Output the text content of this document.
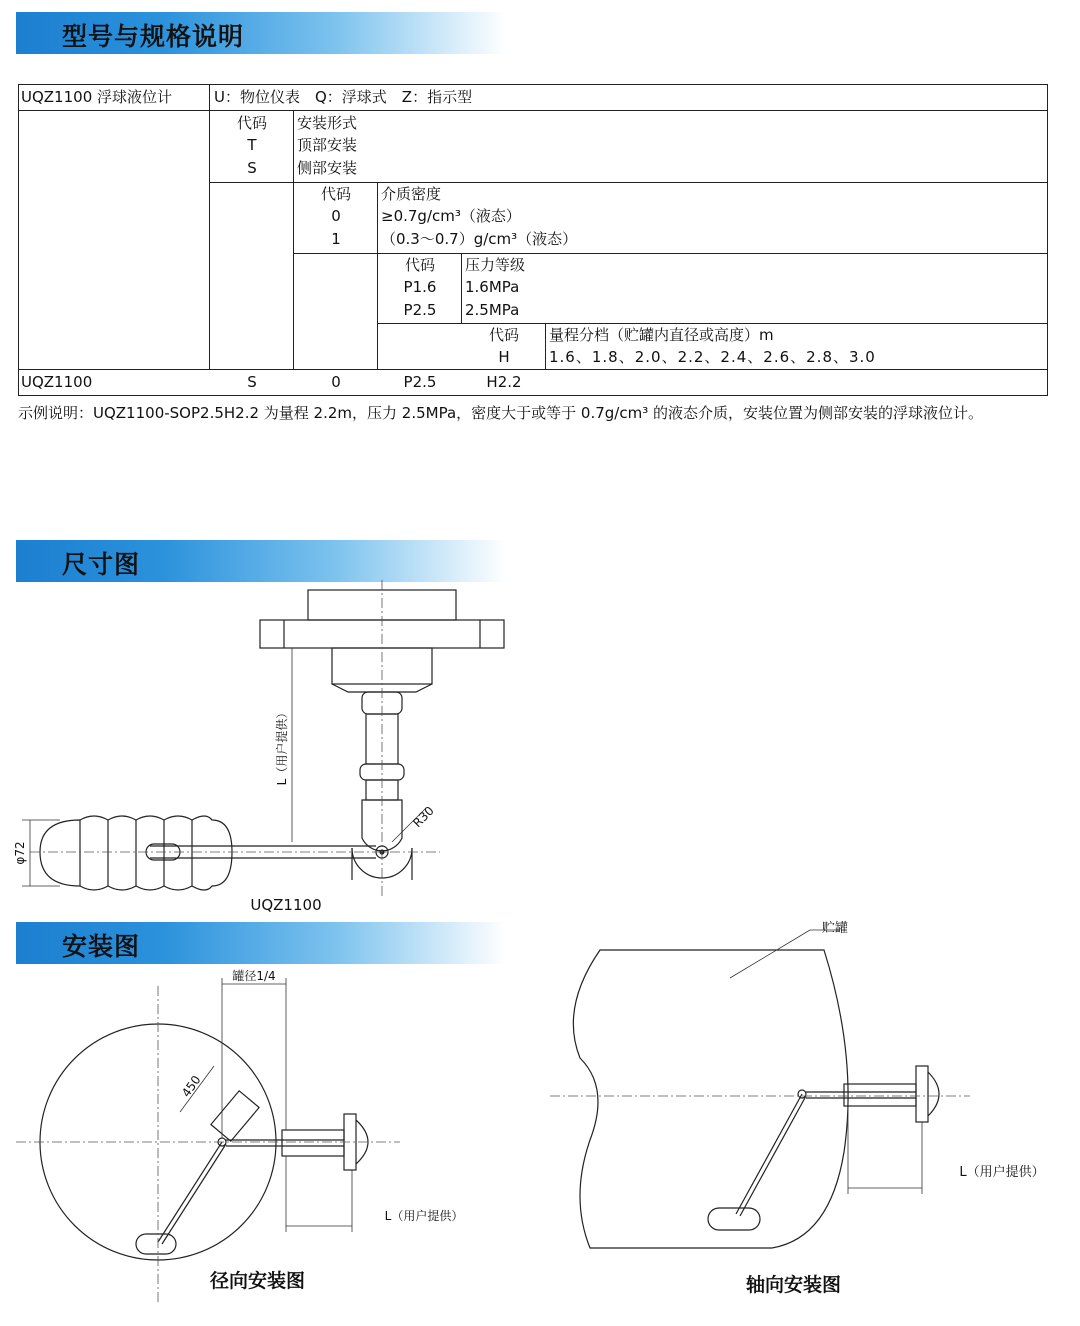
型号与规格说明
尺寸图
安装图
UQZ1100 浮球液位计	U：物位仪表　Q：浮球式　Z：指示型
代码	安装形式
T	顶部安装
S	侧部安装
代码	介质密度
0	≥0.7g/cm³（液态）
1	（0.3～0.7）g/cm³（液态）
代码	压力等级
P1.6	1.6MPa
P2.5	2.5MPa
代码	量程分档（贮罐内直径或高度）m
H	1.6、1.8、2.0、2.2、2.4、2.6、2.8、3.0
UQZ1100	S	0	P2.5	H2.2
示例说明：UQZ1100-SOP2.5H2.2 为量程 2.2m，压力 2.5MPa，密度大于或等于 0.7g/cm³ 的液态介质，安装位置为侧部安装的浮球液位计。
L（用户提供）
φ72
R30
UQZ1100
罐径1/4
450
L（用户提供）
径向安装图
贮罐
L（用户提供）
轴向安装图
